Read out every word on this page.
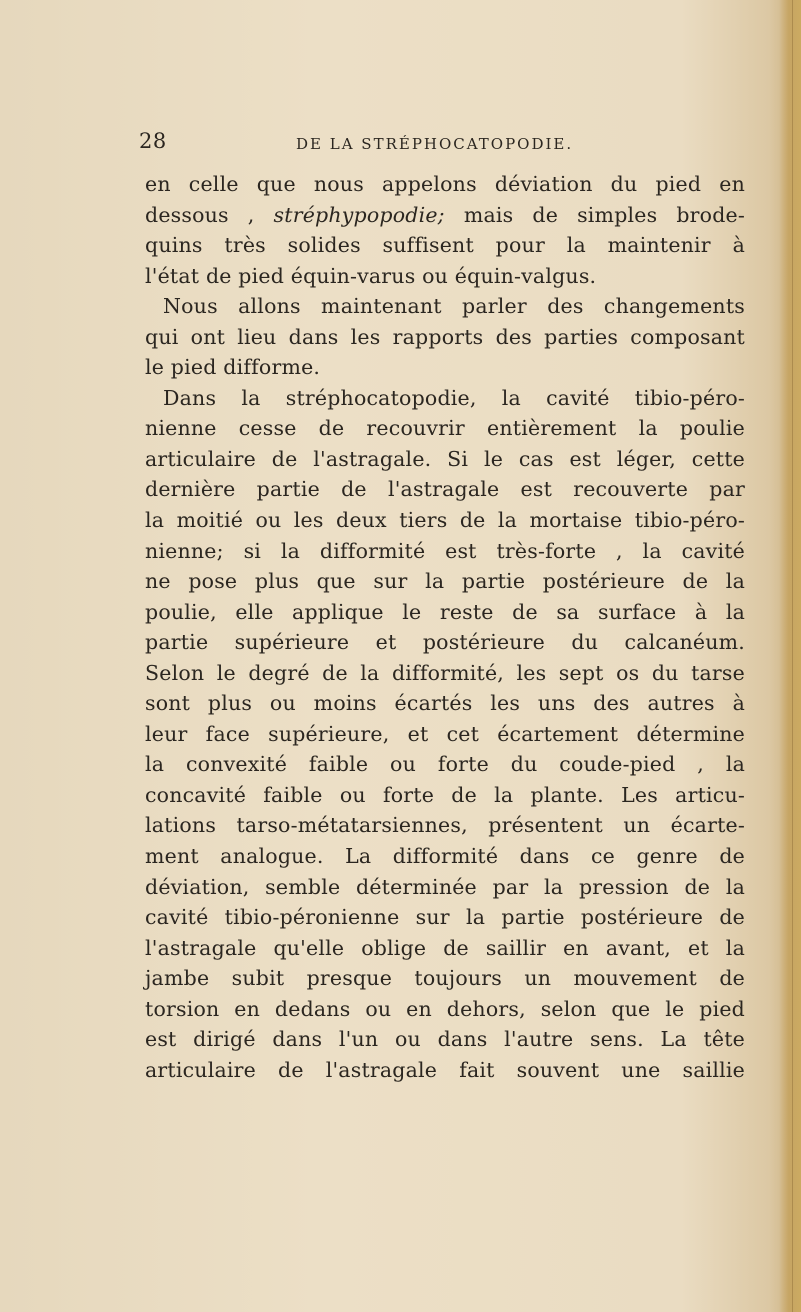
28	DE LA STRÉPHOCATOPODIE.
en celle que nous appelons déviation du pied en
dessous , stréphypopodie; mais de simples brode-
quins très solides suffisent pour la maintenir à
l'état de pied équin-varus ou équin-valgus.
Nous allons maintenant parler des changements
qui ont lieu dans les rapports des parties composant
le pied difforme.
Dans la stréphocatopodie, la cavité tibio-péro-
nienne cesse de recouvrir entièrement la poulie
articulaire de l'astragale. Si le cas est léger, cette
dernière partie de l'astragale est recouverte par
la moitié ou les deux tiers de la mortaise tibio-péro-
nienne; si la difformité est très-forte , la cavité
ne pose plus que sur la partie postérieure de la
poulie, elle applique le reste de sa surface à la
partie supérieure et postérieure du calcanéum.
Selon le degré de la difformité, les sept os du tarse
sont plus ou moins écartés les uns des autres à
leur face supérieure, et cet écartement détermine
la convexité faible ou forte du coude-pied , la
concavité faible ou forte de la plante. Les articu-
lations tarso-métatarsiennes, présentent un écarte-
ment analogue. La difformité dans ce genre de
déviation, semble déterminée par la pression de la
cavité tibio-péronienne sur la partie postérieure de
l'astragale qu'elle oblige de saillir en avant, et la
jambe subit presque toujours un mouvement de
torsion en dedans ou en dehors, selon que le pied
est dirigé dans l'un ou dans l'autre sens. La tête
articulaire de l'astragale fait souvent une saillie
